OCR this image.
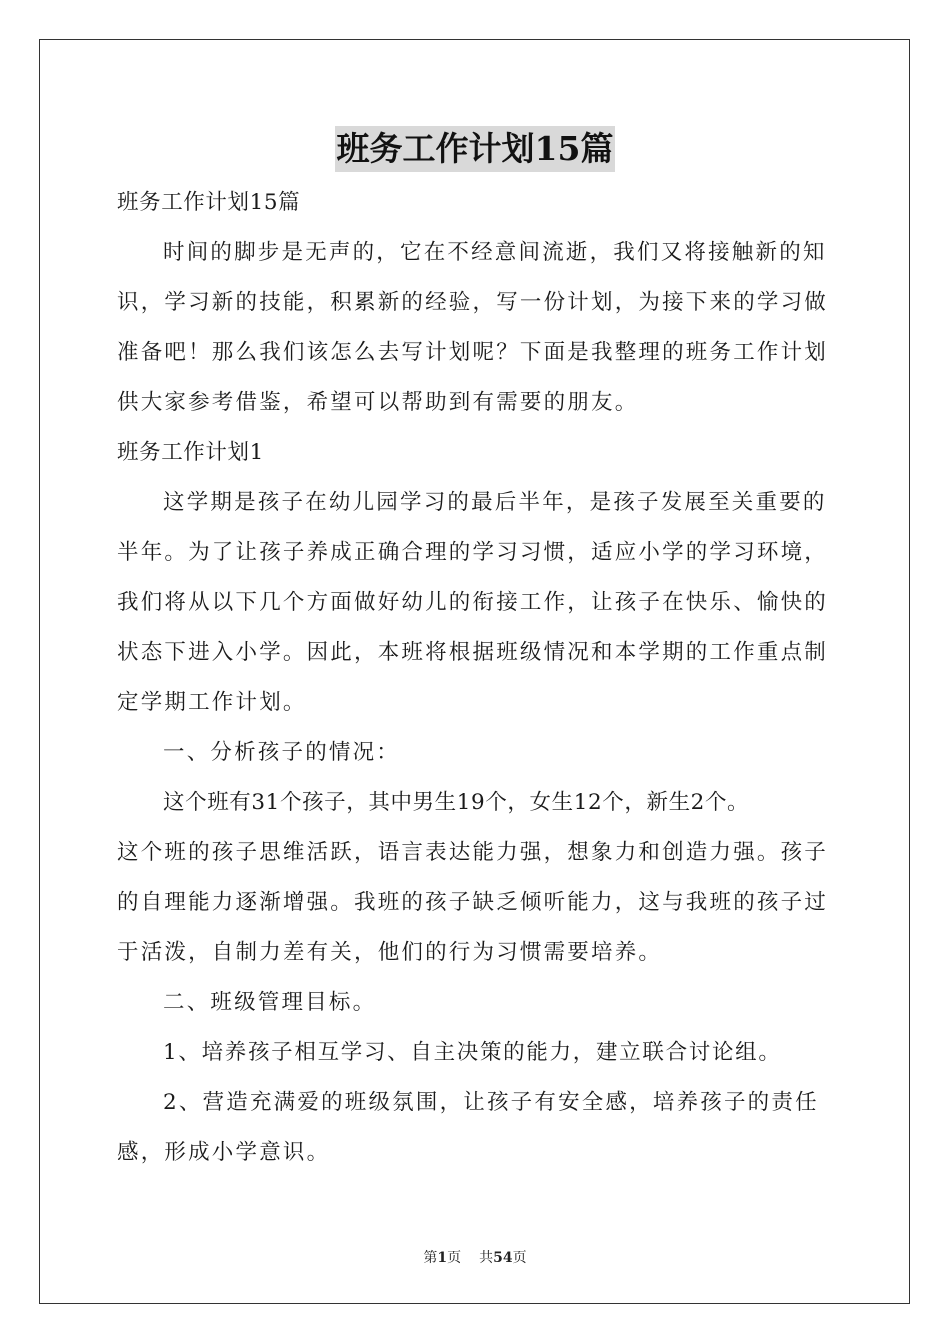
班务工作计划15篇
班务工作计划15篇
时间的脚步是无声的，它在不经意间流逝，我们又将接触新的知
识，学习新的技能，积累新的经验，写一份计划，为接下来的学习做
准备吧！那么我们该怎么去写计划呢？下面是我整理的班务工作计划
供大家参考借鉴，希望可以帮助到有需要的朋友。
班务工作计划1
这学期是孩子在幼儿园学习的最后半年，是孩子发展至关重要的
半年。为了让孩子养成正确合理的学习习惯，适应小学的学习环境，
我们将从以下几个方面做好幼儿的衔接工作，让孩子在快乐、愉快的
状态下进入小学。因此，本班将根据班级情况和本学期的工作重点制
定学期工作计划。
一、分析孩子的情况：
这个班有31个孩子，其中男生19个，女生12个，新生2个。
这个班的孩子思维活跃，语言表达能力强，想象力和创造力强。孩子
的自理能力逐渐增强。我班的孩子缺乏倾听能力，这与我班的孩子过
于活泼，自制力差有关，他们的行为习惯需要培养。
二、班级管理目标。
1、培养孩子相互学习、自主决策的能力，建立联合讨论组。
2、营造充满爱的班级氛围，让孩子有安全感，培养孩子的责任
感，形成小学意识。
第1页 共54页
